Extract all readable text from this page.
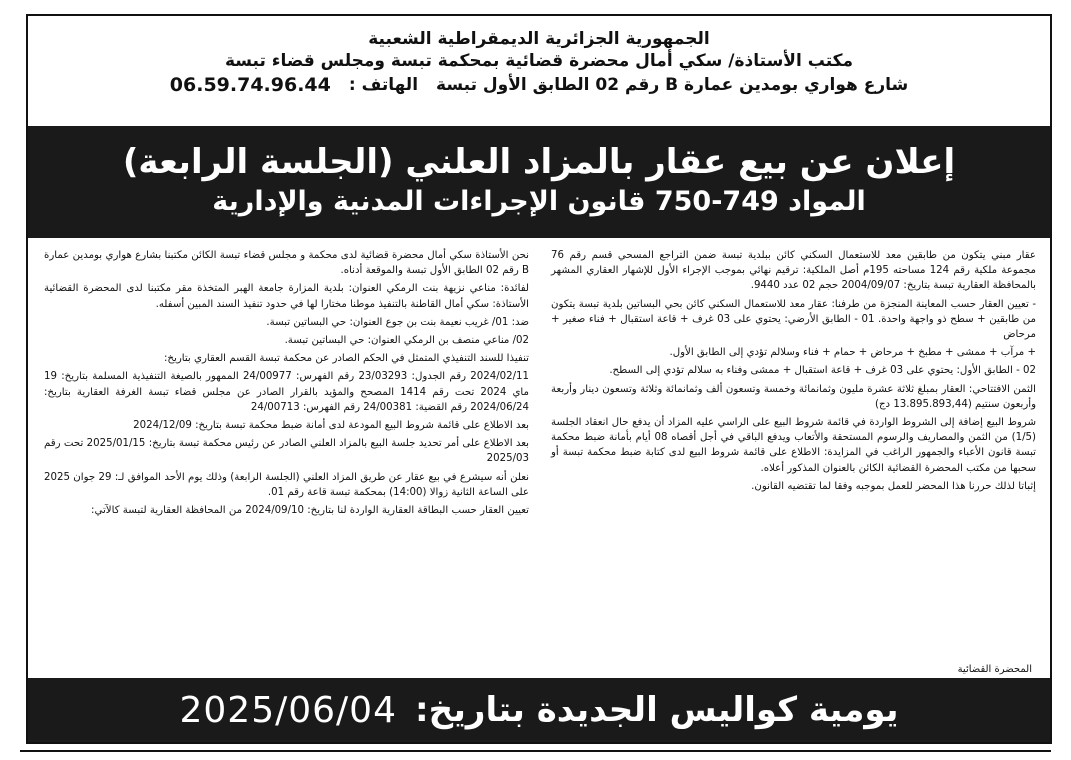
الجمهورية الجزائرية الديمقراطية الشعبية
مكتب الأستاذة/ سكي أمال محضرة قضائية بمحكمة تبسة ومجلس قضاء تبسة
شارع هواري بومدين عمارة B رقم 02 الطابق الأول تبسة
الهاتف :
06.59.74.96.44
إعلان عن بيع عقار بالمزاد العلني (الجلسة الرابعة)
المواد 749-750 قانون الإجراءات المدنية والإدارية

نحن الأستاذة سكي أمال محضرة قضائية لدى محكمة و مجلس قضاء تبسة الكائن مكتبنا بشارع هواري بومدين عمارة B رقم 02 الطابق الأول تبسة والموقعة أدناه.

لفائدة: مناعي نزيهة بنت الرمكي العنوان: بلدية المزارة جامعة الهبر المتخذة مقر مكتبنا لدى المحضرة القضائية الأستاذة: سكي أمال القاطنة بالتنفيذ موطنا مختارا لها في حدود تنفيذ السند المبين أسفله.

ضد: 01/ غريب نعيمة بنت بن جوع العنوان: حي البساتين تبسة.

02/ مناعي منصف بن الرمكي العنوان: حي البساتين تبسة.

تنفيذا للسند التنفيذي المتمثل في الحكم الصادر عن محكمة تبسة القسم العقاري بتاريخ:

2024/02/11 رقم الجدول: 23/03293 رقم الفهرس: 24/00977 الممهور بالصيغة التنفيذية المسلمة بتاريخ: 19 ماي 2024 تحت رقم 1414 المصحح والمؤيد بالقرار الصادر عن مجلس قضاء تبسة الغرفة العقارية بتاريخ: 2024/06/24 رقم القضية: 24/00381 رقم الفهرس: 24/00713

بعد الاطلاع على قائمة شروط البيع المودعة لدى أمانة ضبط محكمة تبسة بتاريخ: 2024/12/09

بعد الاطلاع على أمر تحديد جلسة البيع بالمزاد العلني الصادر عن رئيس محكمة تبسة بتاريخ: 2025/01/15 تحت رقم 2025/03

نعلن أنه سيشرع في بيع عقار عن طريق المزاد العلني (الجلسة الرابعة) وذلك يوم الأحد الموافق لـ: 29 جوان 2025 على الساعة الثانية زوالا (14:00) بمحكمة تبسة قاعة رقم 01.

تعيين العقار حسب البطاقة العقارية الواردة لنا بتاريخ: 2024/09/10 من المحافظة العقارية لتبسة كالآتي:

عقار مبني يتكون من طابقين معد للاستعمال السكني كائن ببلدية تبسة ضمن التراجع المسحي قسم رقم 76 مجموعة ملكية رقم 124 مساحته 195م أصل الملكية: ترقيم نهائي بموجب الإجراء الأول للإشهار العقاري المشهر بالمحافظة العقارية تبسة بتاريخ: 2004/09/07 حجم 02 عدد 9440.

- تعيين العقار حسب المعاينة المنجزة من طرفنا: عقار معد للاستعمال السكني كائن بحي البساتين بلدية تبسة يتكون من طابقين + سطح ذو واجهة واحدة. 01 - الطابق الأرضي: يحتوي على 03 غرف + قاعة استقبال + فناء صغير + مرحاض

+ مرآب + ممشى + مطبخ + مرحاض + حمام + فناء وسلالم تؤدي إلى الطابق الأول.

02 - الطابق الأول: يحتوي على 03 غرف + قاعة استقبال + ممشى وفناء به سلالم تؤدي إلى السطح.

الثمن الافتتاحي: العقار بمبلغ ثلاثة عشرة مليون وثمانمائة وخمسة وتسعون ألف وثمانمائة وثلاثة وتسعون دينار وأربعة وأربعون سنتيم (13.895.893,44 دج)

شروط البيع إضافة إلى الشروط الواردة في قائمة شروط البيع على الراسي عليه المزاد أن يدفع حال انعقاد الجلسة (1/5) من الثمن والمصاريف والرسوم المستحقة والأتعاب ويدفع الباقي في أجل أقصاه 08 أيام بأمانة ضبط محكمة تبسة قانون الأعباء والجمهور الراغب في المزايدة: الاطلاع على قائمة شروط البيع لدى كتابة ضبط محكمة تبسة أو سحبها من مكتب المحضرة القضائية الكائن بالعنوان المذكور أعلاه.

إثباتا لذلك حررنا هذا المحضر للعمل بموجبه وفقا لما تقتضيه القانون.

المحضرة القضائية
2025/06/04 يومية كواليس الجديدة بتاريخ:
